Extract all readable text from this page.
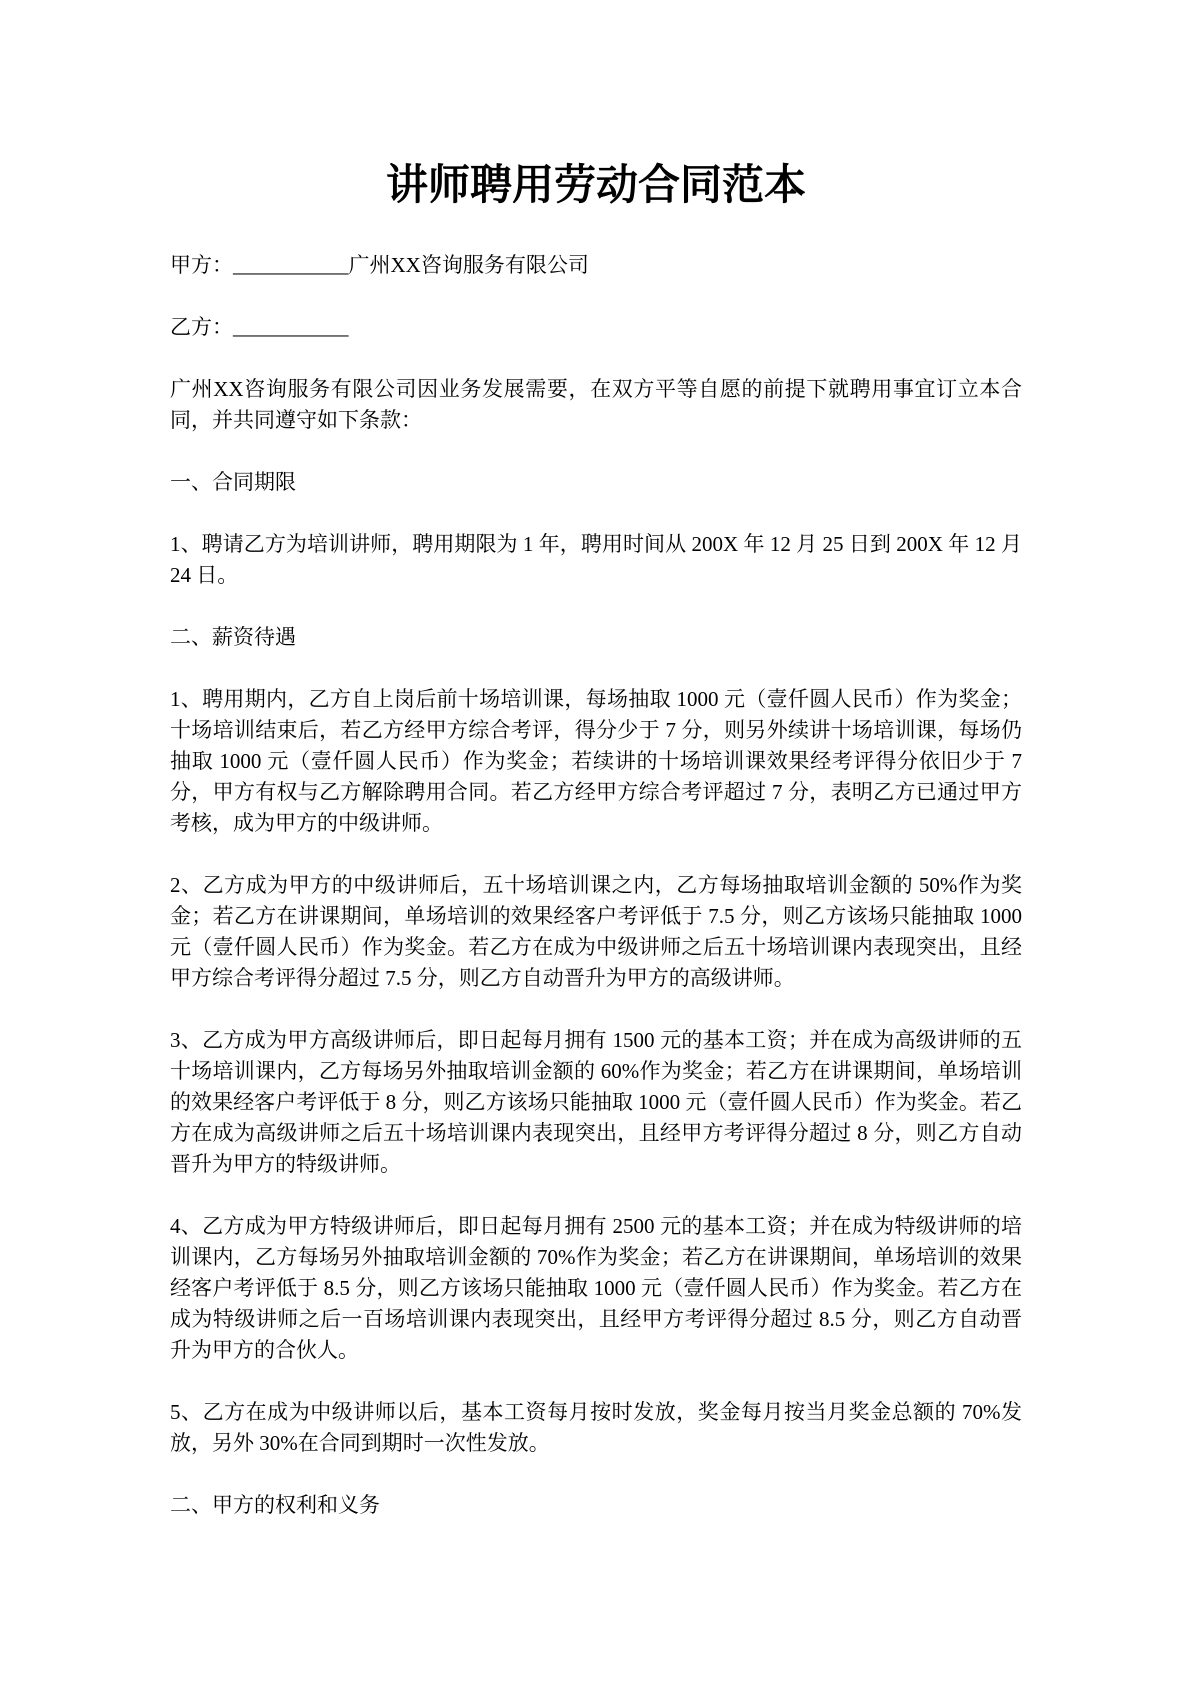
讲师聘用劳动合同范本

甲方：___________广州XX咨询服务有限公司

乙方：___________

广州XX咨询服务有限公司因业务发展需要，在双方平等自愿的前提下就聘用事宜订立本合同，并共同遵守如下条款：

一、合同期限

1、聘请乙方为培训讲师，聘用期限为 1 年，聘用时间从 200X 年 12 月 25 日到 200X 年 12 月 24 日。

二、薪资待遇

1、聘用期内，乙方自上岗后前十场培训课，每场抽取 1000 元（壹仟圆人民币）作为奖金；十场培训结束后，若乙方经甲方综合考评，得分少于 7 分，则另外续讲十场培训课，每场仍抽取 1000 元（壹仟圆人民币）作为奖金；若续讲的十场培训课效果经考评得分依旧少于 7 分，甲方有权与乙方解除聘用合同。若乙方经甲方综合考评超过 7 分，表明乙方已通过甲方考核，成为甲方的中级讲师。

2、乙方成为甲方的中级讲师后，五十场培训课之内，乙方每场抽取培训金额的 50%作为奖金；若乙方在讲课期间，单场培训的效果经客户考评低于 7.5 分，则乙方该场只能抽取 1000 元（壹仟圆人民币）作为奖金。若乙方在成为中级讲师之后五十场培训课内表现突出，且经甲方综合考评得分超过 7.5 分，则乙方自动晋升为甲方的高级讲师。

3、乙方成为甲方高级讲师后，即日起每月拥有 1500 元的基本工资；并在成为高级讲师的五十场培训课内，乙方每场另外抽取培训金额的 60%作为奖金；若乙方在讲课期间，单场培训的效果经客户考评低于 8 分，则乙方该场只能抽取 1000 元（壹仟圆人民币）作为奖金。若乙方在成为高级讲师之后五十场培训课内表现突出，且经甲方考评得分超过 8 分，则乙方自动晋升为甲方的特级讲师。

4、乙方成为甲方特级讲师后，即日起每月拥有 2500 元的基本工资；并在成为特级讲师的培训课内，乙方每场另外抽取培训金额的 70%作为奖金；若乙方在讲课期间，单场培训的效果经客户考评低于 8.5 分，则乙方该场只能抽取 1000 元（壹仟圆人民币）作为奖金。若乙方在成为特级讲师之后一百场培训课内表现突出，且经甲方考评得分超过 8.5 分，则乙方自动晋升为甲方的合伙人。

5、乙方在成为中级讲师以后，基本工资每月按时发放，奖金每月按当月奖金总额的 70%发放，另外 30%在合同到期时一次性发放。

二、甲方的权利和义务
